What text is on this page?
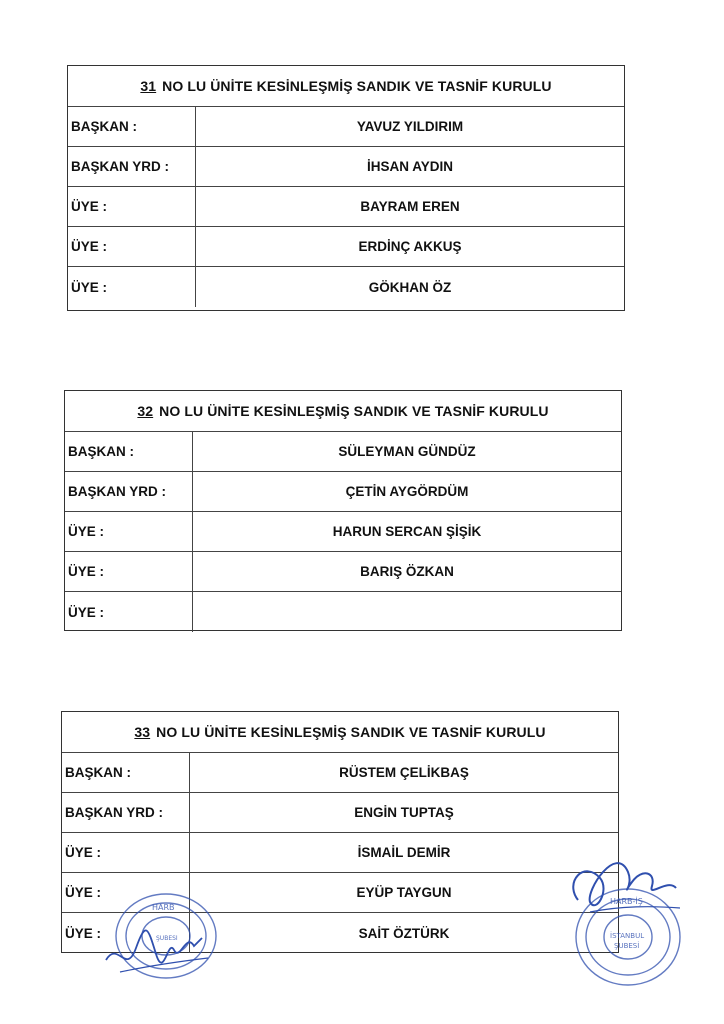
31 NO LU ÜNİTE KESİNLEŞMİŞ SANDIK VE TASNİF KURULU
BAŞKAN :	YAVUZ YILDIRIM
BAŞKAN YRD :	İHSAN AYDIN
ÜYE :	BAYRAM EREN
ÜYE :	ERDİNÇ AKKUŞ
ÜYE :	GÖKHAN ÖZ
32 NO LU ÜNİTE KESİNLEŞMİŞ SANDIK VE TASNİF KURULU
BAŞKAN :	SÜLEYMAN GÜNDÜZ
BAŞKAN YRD :	ÇETİN AYGÖRDÜM
ÜYE :	HARUN SERCAN ŞİŞİK
ÜYE :	BARIŞ ÖZKAN
ÜYE :
33 NO LU ÜNİTE KESİNLEŞMİŞ SANDIK VE TASNİF KURULU
BAŞKAN :	RÜSTEM ÇELİKBAŞ
BAŞKAN YRD :	ENGİN TUPTAŞ
ÜYE :	İSMAİL DEMİR
ÜYE :	EYÜP TAYGUN
ÜYE :	SAİT ÖZTÜRK
HARB
ŞUBESİ
HARB-İŞ
İSTANBUL
ŞUBESİ
